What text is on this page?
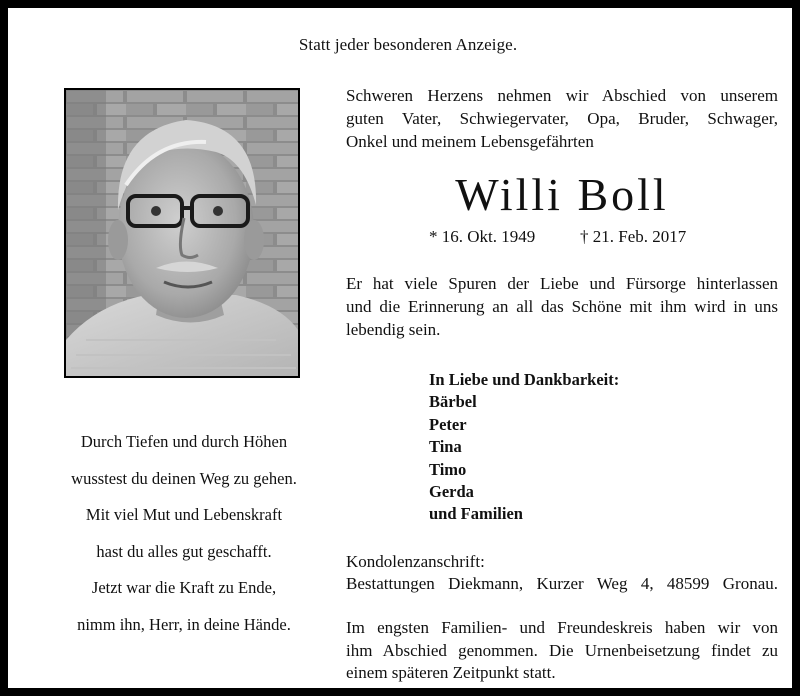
Statt jeder besonderen Anzeige.
Durch Tiefen und durch Höhen
wusstest du deinen Weg zu gehen.
Mit viel Mut und Lebenskraft
hast du alles gut geschafft.
Jetzt war die Kraft zu Ende,
nimm ihn, Herr, in deine Hände.
Schweren Herzens nehmen wir Abschied von unserem
guten Vater, Schwiegervater, Opa, Bruder, Schwager,
Onkel und meinem Lebensgefährten
Willi Boll
* 16. Okt. 1949	† 21. Feb. 2017
Er hat viele Spuren der Liebe und Fürsorge hinterlassen
und die Erinnerung an all das Schöne mit ihm wird in uns
lebendig sein.
In Liebe und Dankbarkeit:
Bärbel
Peter
Tina
Timo
Gerda
und Familien
Kondolenzanschrift:
Bestattungen Diekmann, Kurzer Weg 4, 48599 Gronau.
Im engsten Familien- und Freundeskreis haben wir von
ihm Abschied genommen. Die Urnenbeisetzung findet zu
einem späteren Zeitpunkt statt.
